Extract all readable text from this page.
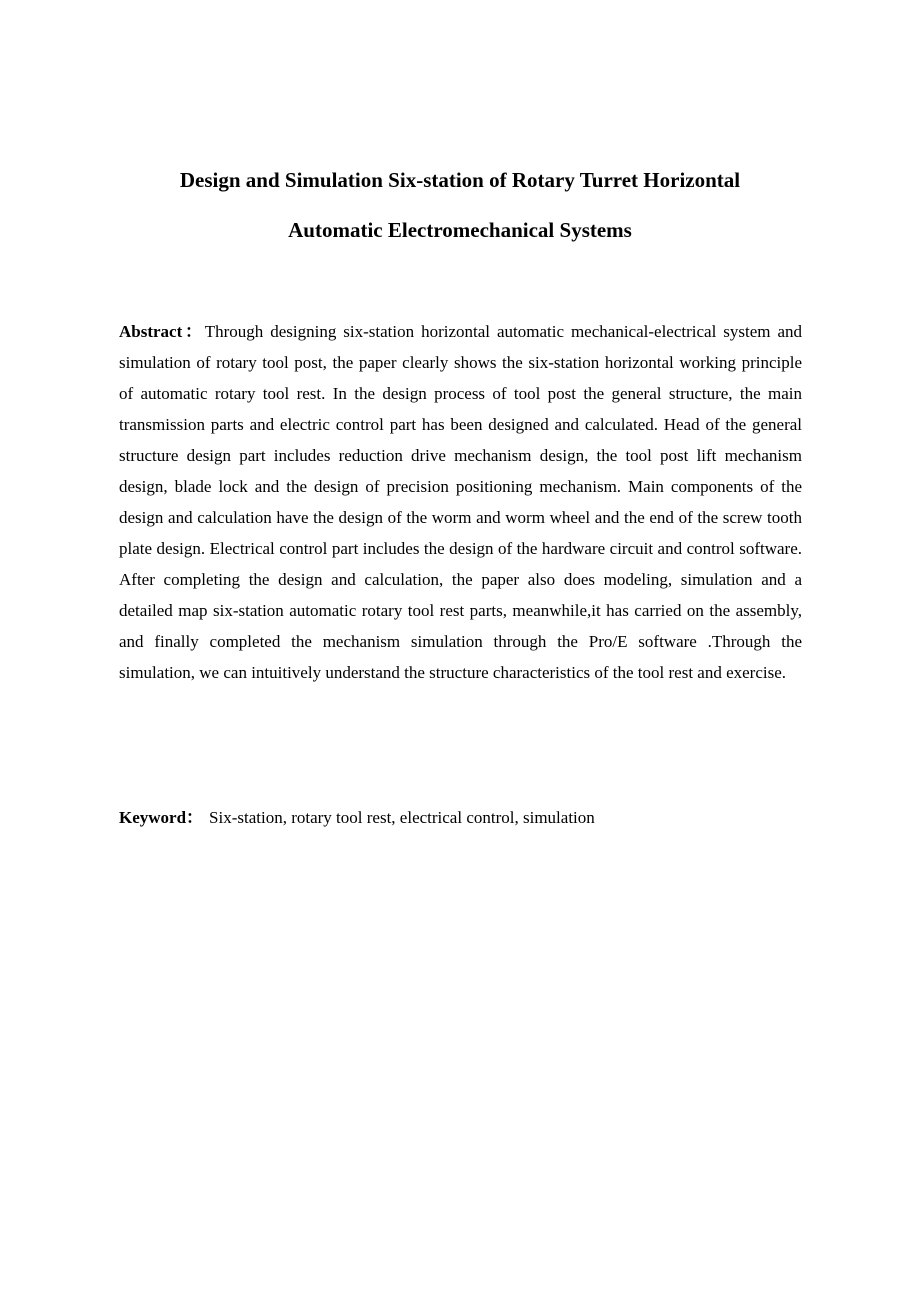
Design and Simulation Six-station of Rotary Turret Horizontal
Automatic Electromechanical Systems

Abstract：Through designing six-station horizontal automatic mechanical-electrical system and simulation of rotary tool post, the paper clearly shows the six-station horizontal working principle of automatic rotary tool rest. In the design process of tool post the general structure, the main transmission parts and electric control part has been designed and calculated. Head of the general structure design part includes reduction drive mechanism design, the tool post lift mechanism design, blade lock and the design of precision positioning mechanism. Main components of the design and calculation have the design of the worm and worm wheel and the end of the screw tooth plate design. Electrical control part includes the design of the hardware circuit and control software. After completing the design and calculation, the paper also does modeling, simulation and a detailed map six-station automatic rotary tool rest parts, meanwhile,it has carried on the assembly, and finally completed the mechanism simulation through the Pro/E software .Through the simulation, we can intuitively understand the structure characteristics of the tool rest and exercise.

Keyword： Six-station, rotary tool rest, electrical control, simulation
